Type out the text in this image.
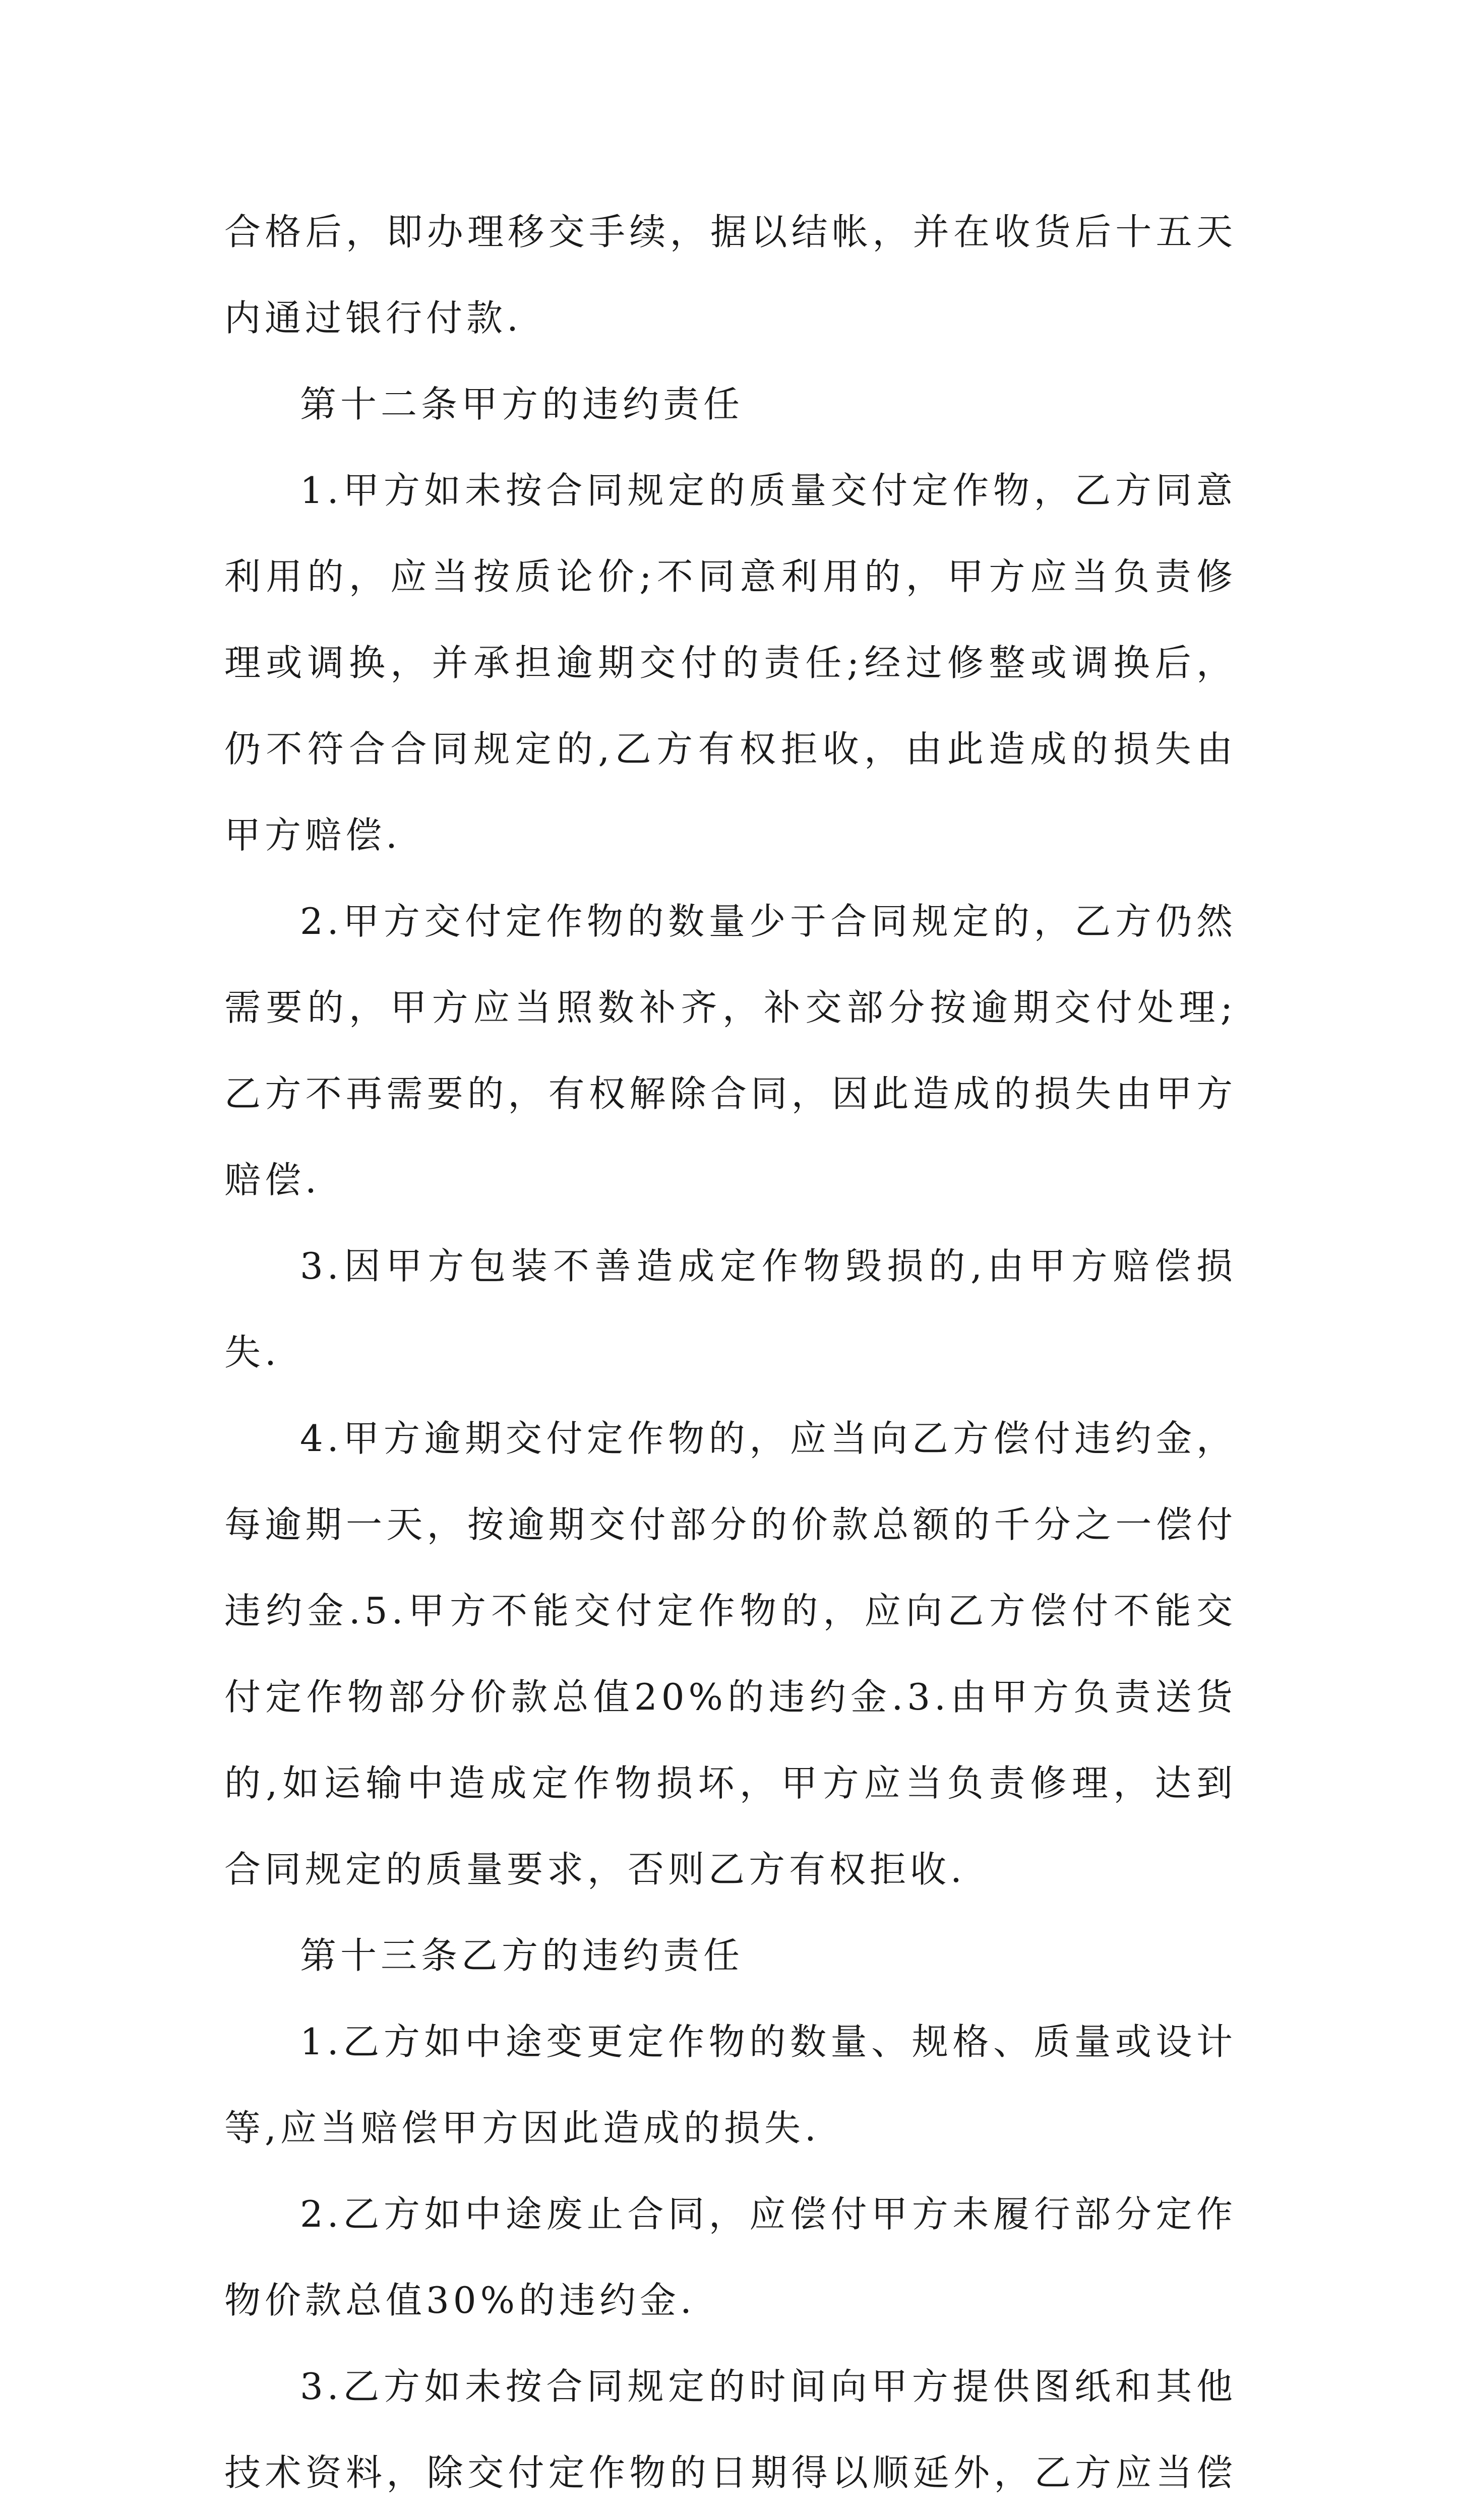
合格后，即办理移交手续，据以结帐，并在收货后十五天内通过银行付款.

第十二条甲方的违约责任

1.甲方如未按合同规定的质量交付定作物，乙方同意利用的，应当按质论价;不同意利用的，甲方应当负责修理或调换，并承担逾期交付的责任;经过修整或调换后，仍不符合合同规定的,乙方有权拒收，由此造成的损失由甲方赔偿.

2.甲方交付定作物的数量少于合同规定的，乙方仍然需要的，甲方应当照数补齐，补交部分按逾期交付处理;乙方不再需要的，有权解除合同，因此造成的损失由甲方赔偿.

3.因甲方包装不善造成定作物毁损的,由甲方赔偿损失.

4.甲方逾期交付定作物的，应当向乙方偿付违约金，每逾期一天，按逾期交付部分的价款总额的千分之一偿付违约金.5.甲方不能交付定作物的，应向乙方偿付不能交付定作物部分价款总值20%的违约金.3.由甲方负责送货的,如运输中造成定作物损坏，甲方应当负责修理，达到合同规定的质量要求，否则乙方有权拒收.

第十三条乙方的违约责任

1.乙方如中途变更定作物的数量、规格、质量或设计等,应当赔偿甲方因此造成的损失.

2.乙方如中途废止合同，应偿付甲方未履行部分定作物价款总值30%的违约金.

3.乙方如未按合同规定的时间向甲方提供图纸和其他技术资料，除交付定作物的日期得以顺延外，乙方应当偿
